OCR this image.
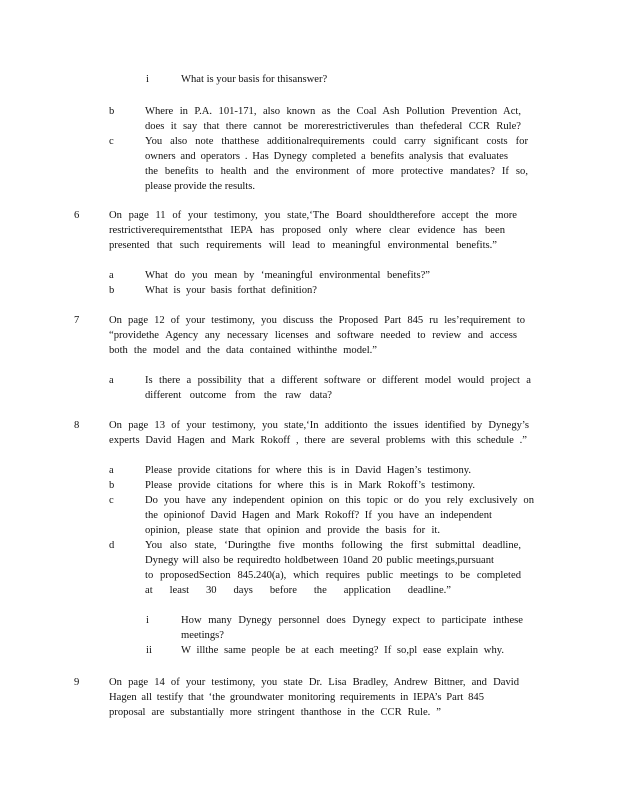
i	What is your basis for thisanswer?
b	Where in P.A. 101-171, also known as the Coal Ash Pollution Prevention Act,
does it say that there cannot be morerestrictiverules than thefederal CCR Rule?
c	You also note thatthese additionalrequirements could carry significant costs for
owners and operators . Has Dynegy completed a benefits analysis that evaluates
the benefits to health and the environment of more protective mandates? If so,
please provide the results.
6	On page 11 of your testimony, you state,‘The Board shouldtherefore accept the more
restrictiverequirementsthat IEPA has proposed only where clear evidence has been
presented that such requirements will lead to meaningful environmental benefits.”
a	What do you mean by ‘meaningful environmental benefits?”
b	What is your basis forthat definition?
7	On page 12 of your testimony, you discuss the Proposed Part 845 ru les’requirement to
“providethe Agency any necessary licenses and software needed to review and access
both the model and the data contained withinthe model.”
a	Is there a possibility that a different software or different model would project a
different outcome from the raw data?
8	On page 13 of your testimony, you state,‘In additionto the issues identified by Dynegy’s
experts David Hagen and Mark Rokoff , there are several problems with this schedule .”
a	Please provide citations for where this is in David Hagen’s testimony.
b	Please provide citations for where this is in Mark Rokoff’s testimony.
c	Do you have any independent opinion on this topic or do you rely exclusively on
the opinionof David Hagen and Mark Rokoff? If you have an independent
opinion, please state that opinion and provide the basis for it.
d	You also state, ‘Duringthe five months following the first submittal deadline,
Dynegy will also be requiredto holdbetween 10and 20 public meetings,pursuant
to proposedSection 845.240(a), which requires public meetings to be completed
at least 30 days before the application deadline.”
i	How many Dynegy personnel does Dynegy expect to participate inthese
meetings?
ii	W illthe same people be at each meeting? If so,pl ease explain why.
9	On page 14 of your testimony, you state Dr. Lisa Bradley, Andrew Bittner, and David
Hagen all testify that ‘the groundwater monitoring requirements in IEPA’s Part 845
proposal are substantially more stringent thanthose in the CCR Rule. ”
